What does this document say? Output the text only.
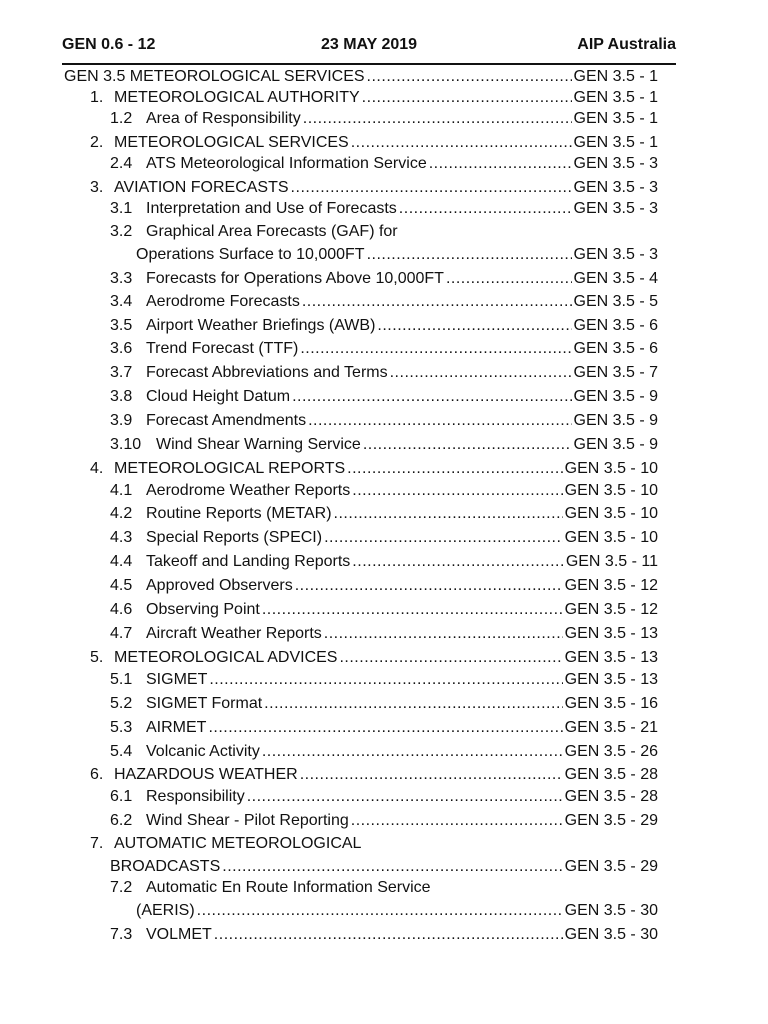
GEN 0.6 - 12	23 MAY 2019	AIP Australia
GEN 3.5 METEOROLOGICAL SERVICES .....	GEN 3.5 - 1
1. METEOROLOGICAL AUTHORITY .....	GEN 3.5 - 1
1.2 Area of Responsibility .....	GEN 3.5 - 1
2. METEOROLOGICAL SERVICES .....	GEN 3.5 - 1
2.4 ATS Meteorological Information Service .....	GEN 3.5 - 3
3. AVIATION FORECASTS .....	GEN 3.5 - 3
3.1 Interpretation and Use of Forecasts .....	GEN 3.5 - 3
3.2 Graphical Area Forecasts (GAF) for
Operations Surface to 10,000FT .....	GEN 3.5 - 3
3.3 Forecasts for Operations Above 10,000FT .....	GEN 3.5 - 4
3.4 Aerodrome Forecasts .....	GEN 3.5 - 5
3.5 Airport Weather Briefings (AWB) .....	GEN 3.5 - 6
3.6 Trend Forecast (TTF) .....	GEN 3.5 - 6
3.7 Forecast Abbreviations and Terms .....	GEN 3.5 - 7
3.8 Cloud Height Datum .....	GEN 3.5 - 9
3.9 Forecast Amendments .....	GEN 3.5 - 9
3.10 Wind Shear Warning Service .....	GEN 3.5 - 9
4. METEOROLOGICAL REPORTS .....	GEN 3.5 - 10
4.1 Aerodrome Weather Reports .....	GEN 3.5 - 10
4.2 Routine Reports (METAR) .....	GEN 3.5 - 10
4.3 Special Reports (SPECI) .....	GEN 3.5 - 10
4.4 Takeoff and Landing Reports .....	GEN 3.5 - 11
4.5 Approved Observers .....	GEN 3.5 - 12
4.6 Observing Point .....	GEN 3.5 - 12
4.7 Aircraft Weather Reports .....	GEN 3.5 - 13
5. METEOROLOGICAL ADVICES .....	GEN 3.5 - 13
5.1 SIGMET .....	GEN 3.5 - 13
5.2 SIGMET Format .....	GEN 3.5 - 16
5.3 AIRMET .....	GEN 3.5 - 21
5.4 Volcanic Activity .....	GEN 3.5 - 26
6. HAZARDOUS WEATHER .....	GEN 3.5 - 28
6.1 Responsibility .....	GEN 3.5 - 28
6.2 Wind Shear - Pilot Reporting .....	GEN 3.5 - 29
7. AUTOMATIC METEOROLOGICAL
BROADCASTS .....	GEN 3.5 - 29
7.2 Automatic En Route Information Service
(AERIS) .....	GEN 3.5 - 30
7.3 VOLMET .....	GEN 3.5 - 30
